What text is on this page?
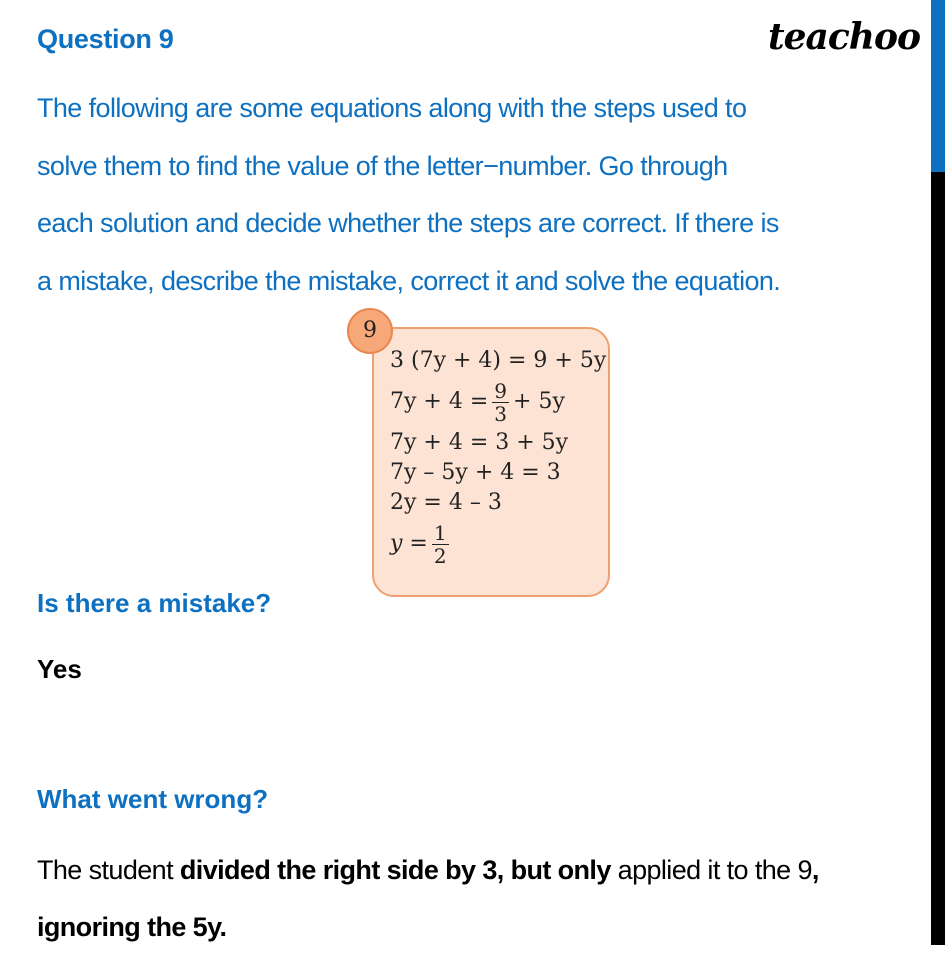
Question 9	teachoo
The following are some equations along with the steps used to
solve them to find the value of the letter−number. Go through
each solution and decide whether the steps are correct. If there is
a mistake, describe the mistake, correct it and solve the equation.
9
3 (7y + 4) = 9 + 5y
$7y + 4 = \frac{9}{3} + 5y$
7y + 4 = 3 + 5y
7y – 5y + 4 = 3
2y = 4 – 3
$y = \frac{1}{2}$
Is there a mistake?
Yes
What went wrong?
The student divided the right side by 3, but only applied it to the 9,
ignoring the 5y.
